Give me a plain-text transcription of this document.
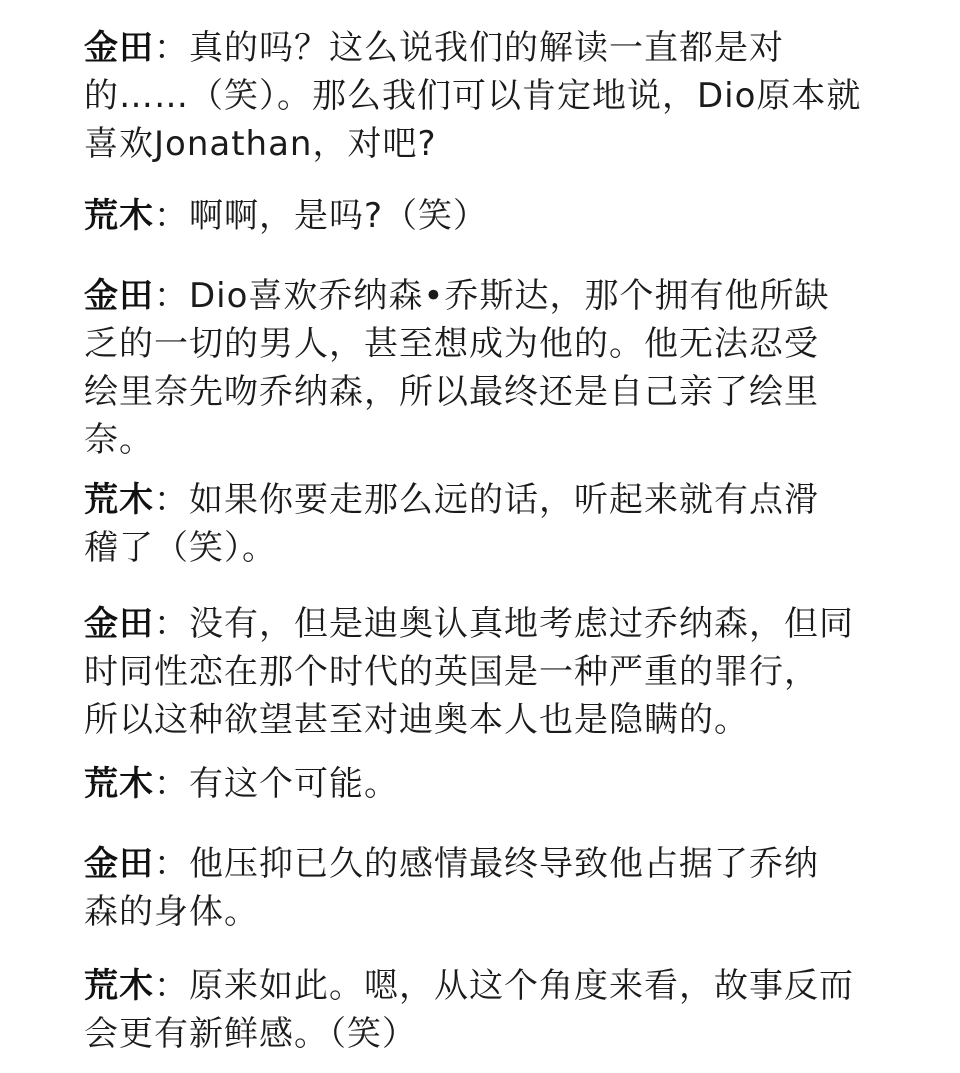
金田：真的吗？这么说我们的解读一直都是对
的……（笑）。那么我们可以肯定地说，Dio原本就
喜欢Jonathan，对吧?
荒木：啊啊，是吗?（笑）
金田：Dio喜欢乔纳森•乔斯达，那个拥有他所缺
乏的一切的男人，甚至想成为他的。他无法忍受
绘里奈先吻乔纳森，所以最终还是自己亲了绘里
奈。
荒木：如果你要走那么远的话，听起来就有点滑
稽了（笑）。
金田：没有，但是迪奥认真地考虑过乔纳森，但同
时同性恋在那个时代的英国是一种严重的罪行，
所以这种欲望甚至对迪奥本人也是隐瞒的。
荒木：有这个可能。
金田：他压抑已久的感情最终导致他占据了乔纳
森的身体。
荒木：原来如此。嗯，从这个角度来看，故事反而
会更有新鲜感。（笑）
